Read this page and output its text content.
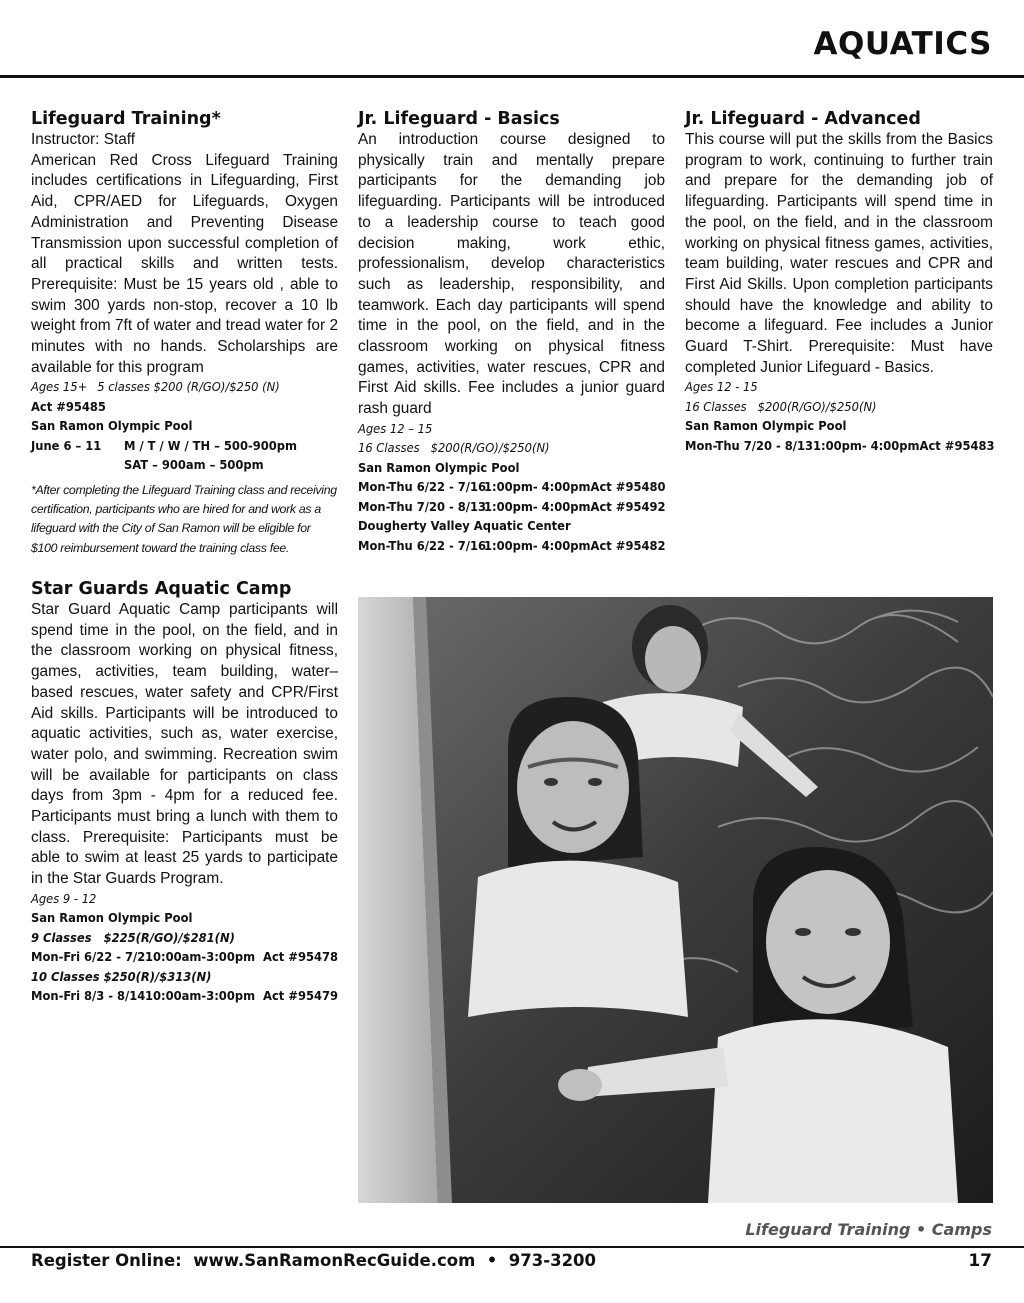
AQUATICS
Lifeguard Training*
Instructor: Staff
American Red Cross Lifeguard Training includes certifications in Lifeguarding, First Aid, CPR/AED for Lifeguards, Oxygen Administration and Preventing Disease Transmission upon successful completion of all practical skills and written tests. Prerequisite: Must be 15 years old , able to swim 300 yards non-stop, recover a 10 lb weight from 7ft of water and tread water for 2 minutes with no hands. Scholarships are available for this program
Ages 15+ 5 classes $200 (R/GO)/$250 (N)
Act #95485
San Ramon Olympic Pool
June 6 – 11	M / T / W / TH – 500-900pm
SAT – 900am – 500pm
*After completing the Lifeguard Training class and receiving certification, participants who are hired for and work as a lifeguard with the City of San Ramon will be eligible for $100 reimbursement toward the training class fee.
Jr. Lifeguard - Basics
An introduction course designed to physically train and mentally prepare participants for the demanding job lifeguarding. Participants will be introduced to a leadership course to teach good decision making, work ethic, professionalism, develop characteristics such as leadership, responsibility, and teamwork. Each day participants will spend time in the pool, on the field, and in the classroom working on physical fitness games, activities, water rescues, CPR and First Aid skills. Fee includes a junior guard rash guard
Ages 12 – 15
16 Classes   $200(R/GO)/$250(N)
San Ramon Olympic Pool
Mon-Thu 6/22 - 7/16
1:00pm- 4:00pm Act #95480
Mon-Thu 7/20 - 8/13
1:00pm- 4:00pm Act #95492
Dougherty Valley Aquatic Center
Mon-Thu 6/22 - 7/16
1:00pm- 4:00pm Act #95482
Jr. Lifeguard - Advanced
This course will put the skills from the Basics program to work, continuing to further train and prepare for the demanding job of lifeguarding. Participants will spend time in the pool, on the field, and in the classroom working on physical fitness games, activities, team building, water rescues and CPR and First Aid Skills. Upon completion participants should have the knowledge and ability to become a lifeguard. Fee includes a Junior Guard T-Shirt. Prerequisite: Must have completed Junior Lifeguard - Basics.
Ages 12 - 15
16 Classes   $200(R/GO)/$250(N)
San Ramon Olympic Pool
Mon-Thu 7/20 - 8/13 1:00pm- 4:00pm Act #95483
Star Guards Aquatic Camp
Star Guard Aquatic Camp participants will spend time in the pool, on the field, and in the classroom working on physical fitness, games, activities, team building, water–based rescues, water safety and CPR/First Aid skills. Participants will be introduced to aquatic activities, such as, water exercise, water polo, and swimming. Recreation swim will be available for participants on class days from 3pm - 4pm for a reduced fee. Participants must bring a lunch with them to class. Prerequisite: Participants must be able to swim at least 25 yards to participate in the Star Guards Program.
Ages 9 - 12
San Ramon Olympic Pool
9 Classes   $225(R/GO)/$281(N)
Mon-Fri 6/22 - 7/2 10:00am-3:00pm Act #95478
10 Classes $250(R)/$313(N)
Mon-Fri 8/3 - 8/14 10:00am-3:00pm Act #95479
Lifeguard Training • Camps
Register Online:  www.SanRamonRecGuide.com  •  973-3200	17
